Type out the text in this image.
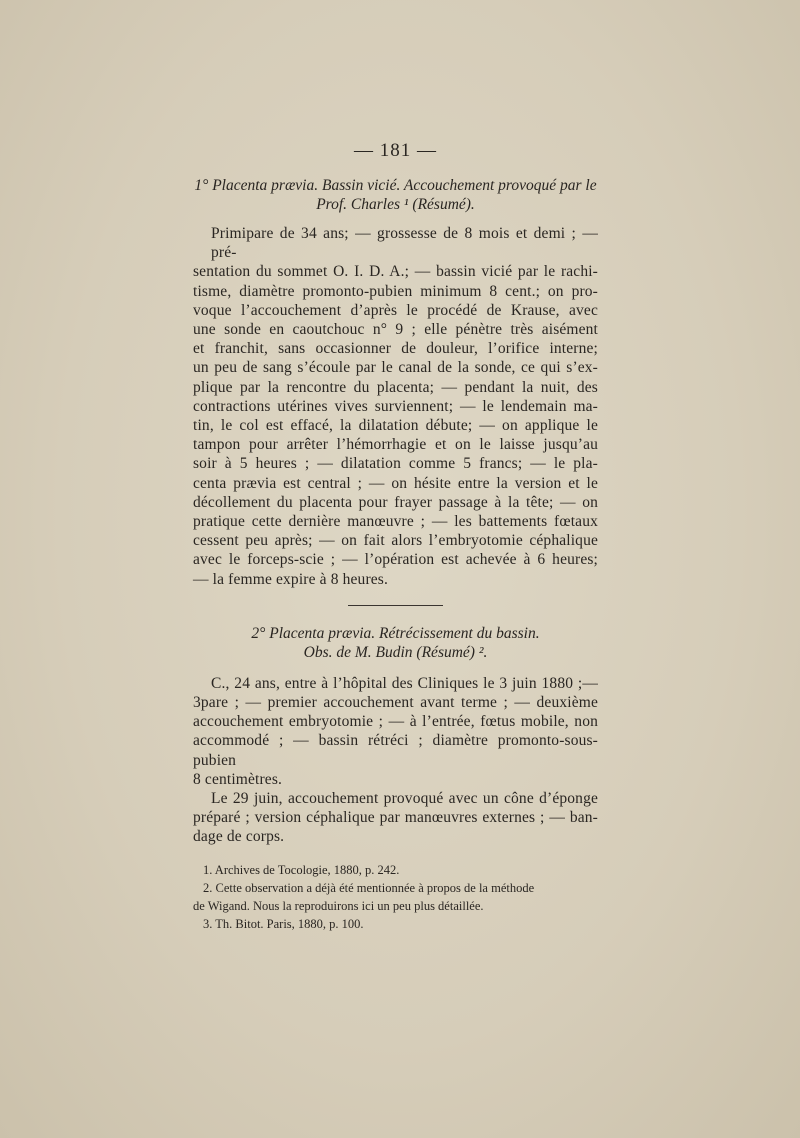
— 181 —
1° Placenta prævia. Bassin vicié. Accouchement provoqué par le
Prof. Charles ¹ (Résumé).
Primipare de 34 ans; — grossesse de 8 mois et demi ; — pré-
sentation du sommet O. I. D. A.; — bassin vicié par le rachi-
tisme, diamètre promonto-pubien minimum 8 cent.; on pro-
voque l’accouchement d’après le procédé de Krause, avec
une sonde en caoutchouc n° 9 ; elle pénètre très aisément
et franchit, sans occasionner de douleur, l’orifice interne;
un peu de sang s’écoule par le canal de la sonde, ce qui s’ex-
plique par la rencontre du placenta; — pendant la nuit, des
contractions utérines vives surviennent; — le lendemain ma-
tin, le col est effacé, la dilatation débute; — on applique le
tampon pour arrêter l’hémorrhagie et on le laisse jusqu’au
soir à 5 heures ; — dilatation comme 5 francs; — le pla-
centa prævia est central ; — on hésite entre la version et le
décollement du placenta pour frayer passage à la tête; — on
pratique cette dernière manœuvre ; — les battements fœtaux
cessent peu après; — on fait alors l’embryotomie céphalique
avec le forceps-scie ; — l’opération est achevée à 6 heures;
— la femme expire à 8 heures.
2° Placenta prævia. Rétrécissement du bassin.
Obs. de M. Budin (Résumé) ².
C., 24 ans, entre à l’hôpital des Cliniques le 3 juin 1880 ;—
3pare ; — premier accouchement avant terme ; — deuxième
accouchement embryotomie ; — à l’entrée, fœtus mobile, non
accommodé ; — bassin rétréci ; diamètre promonto-sous-pubien
8 centimètres.
Le 29 juin, accouchement provoqué avec un cône d’éponge
préparé ; version céphalique par manœuvres externes ; — ban-
dage de corps.
1. Archives de Tocologie, 1880, p. 242.
2. Cette observation a déjà été mentionnée à propos de la méthode
de Wigand. Nous la reproduirons ici un peu plus détaillée.
3. Th. Bitot. Paris, 1880, p. 100.
